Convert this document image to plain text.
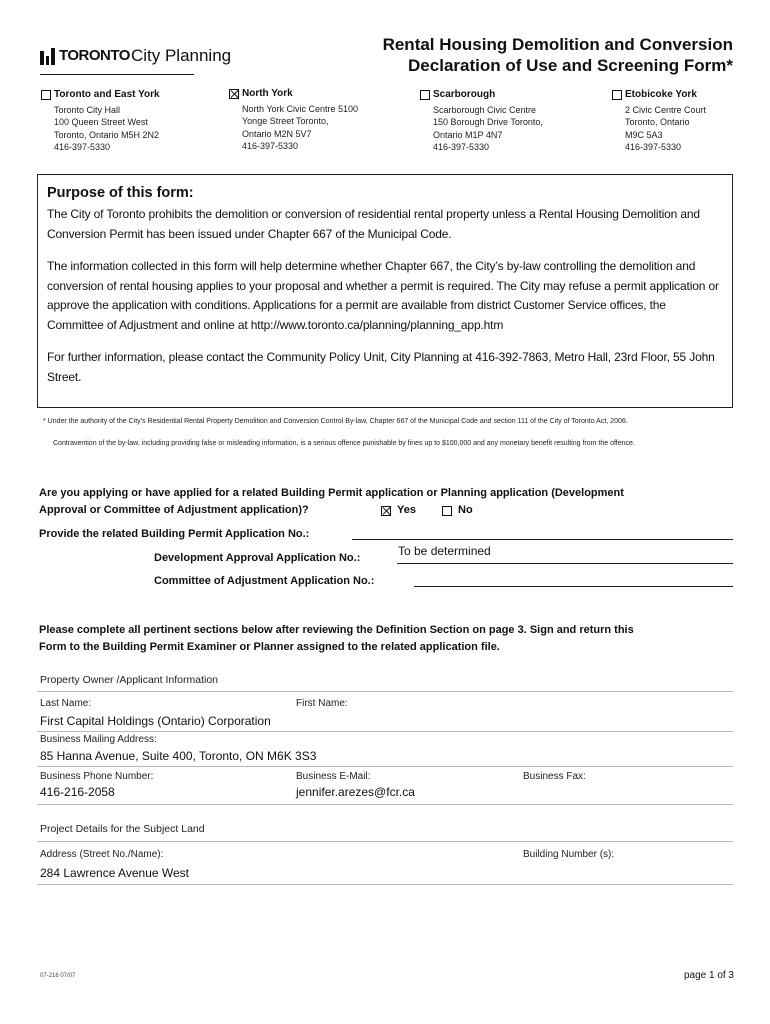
TORONTO City Planning
Rental Housing Demolition and Conversion
Declaration of Use and Screening Form*
Toronto and East York
Toronto City Hall
100 Queen Street West
Toronto, Ontario M5H 2N2
416-397-5330
North York
North York Civic Centre 5100
Yonge Street Toronto,
Ontario M2N 5V7
416-397-5330
Scarborough
Scarborough Civic Centre
150 Borough Drive Toronto,
Ontario M1P 4N7
416-397-5330
Etobicoke York
2 Civic Centre Court
Toronto, Ontario
M9C 5A3
416-397-5330
Purpose of this form:

The City of Toronto prohibits the demolition or conversion of residential rental property unless a Rental Housing Demolition and Conversion Permit has been issued under Chapter 667 of the Municipal Code.

The information collected in this form will help determine whether Chapter 667, the City’s by-law controlling the demolition and conversion of rental housing applies to your proposal and whether a permit is required. The City may refuse a permit application or approve the application with conditions. Applications for a permit are available from district Customer Service offices, the Committee of Adjustment and online at http://www.toronto.ca/planning/planning_app.htm

For further information, please contact the Community Policy Unit, City Planning at 416-392-7863, Metro Hall, 23rd Floor, 55 John Street.

* Under the authority of the City’s Residential Rental Property Demolition and Conversion Control By-law, Chapter 667 of the Municipal Code and section 111 of the City of Toronto Act, 2006.
Contravention of the by-law, including providing false or misleading information, is a serious offence punishable by fines up to $100,000 and any monetary benefit resulting from the offence.
Are you applying or have applied for a related Building Permit application or Planning application (Development
Approval or Committee of Adjustment application)?	Yes	No
Provide the related Building Permit Application No.:
Development Approval Application No.:	To be determined
Committee of Adjustment Application No.:
Please complete all pertinent sections below after reviewing the Definition Section on page 3. Sign and return this
Form to the Building Permit Examiner or Planner assigned to the related application file.
Property Owner /Applicant Information
Last Name:	First Name:
First Capital Holdings (Ontario) Corporation
Business Mailing Address:
85 Hanna Avenue, Suite 400, Toronto, ON M6K 3S3
Business Phone Number:	Business E-Mail:	Business Fax:
416-216-2058	jennifer.arezes@fcr.ca
Project Details for the Subject Land
Address (Street No./Name):	Building Number (s):
284 Lawrence Avenue West
07-216 07/07	page 1 of 3
